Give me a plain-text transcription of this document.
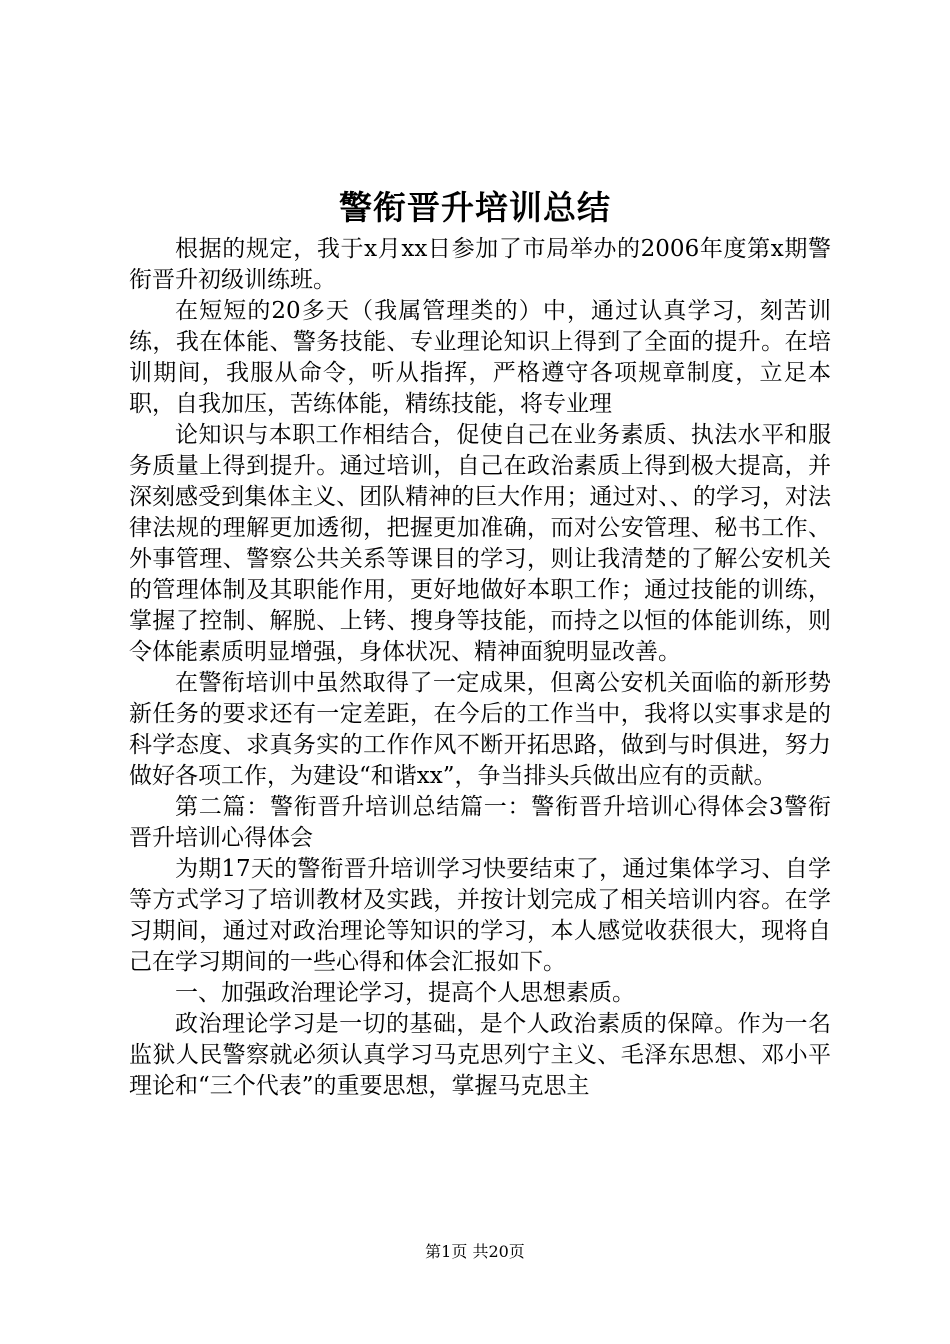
警衔晋升培训总结

根据的规定，我于x月xx日参加了市局举办的2006年度第x期警衔晋升初级训练班。

在短短的20多天（我属管理类的）中，通过认真学习，刻苦训练，我在体能、警务技能、专业理论知识上得到了全面的提升。在培训期间，我服从命令，听从指挥，严格遵守各项规章制度，立足本职，自我加压，苦练体能，精练技能，将专业理

论知识与本职工作相结合，促使自己在业务素质、执法水平和服务质量上得到提升。通过培训，自己在政治素质上得到极大提高，并深刻感受到集体主义、团队精神的巨大作用；通过对、、的学习，对法律法规的理解更加透彻，把握更加准确，而对公安管理、秘书工作、外事管理、警察公共关系等课目的学习，则让我清楚的了解公安机关的管理体制及其职能作用，更好地做好本职工作；通过技能的训练，掌握了控制、解脱、上铐、搜身等技能，而持之以恒的体能训练，则令体能素质明显增强，身体状况、精神面貌明显改善。

在警衔培训中虽然取得了一定成果，但离公安机关面临的新形势新任务的要求还有一定差距，在今后的工作当中，我将以实事求是的科学态度、求真务实的工作作风不断开拓思路，做到与时俱进，努力做好各项工作，为建设“和谐xx”，争当排头兵做出应有的贡献。

第二篇：警衔晋升培训总结篇一：警衔晋升培训心得体会3警衔晋升培训心得体会

为期17天的警衔晋升培训学习快要结束了，通过集体学习、自学等方式学习了培训教材及实践，并按计划完成了相关培训内容。在学习期间，通过对政治理论等知识的学习，本人感觉收获很大，现将自己在学习期间的一些心得和体会汇报如下。

一、加强政治理论学习，提高个人思想素质。

政治理论学习是一切的基础，是个人政治素质的保障。作为一名监狱人民警察就必须认真学习马克思列宁主义、毛泽东思想、邓小平理论和“三个代表”的重要思想，掌握马克思主

第1页 共20页
